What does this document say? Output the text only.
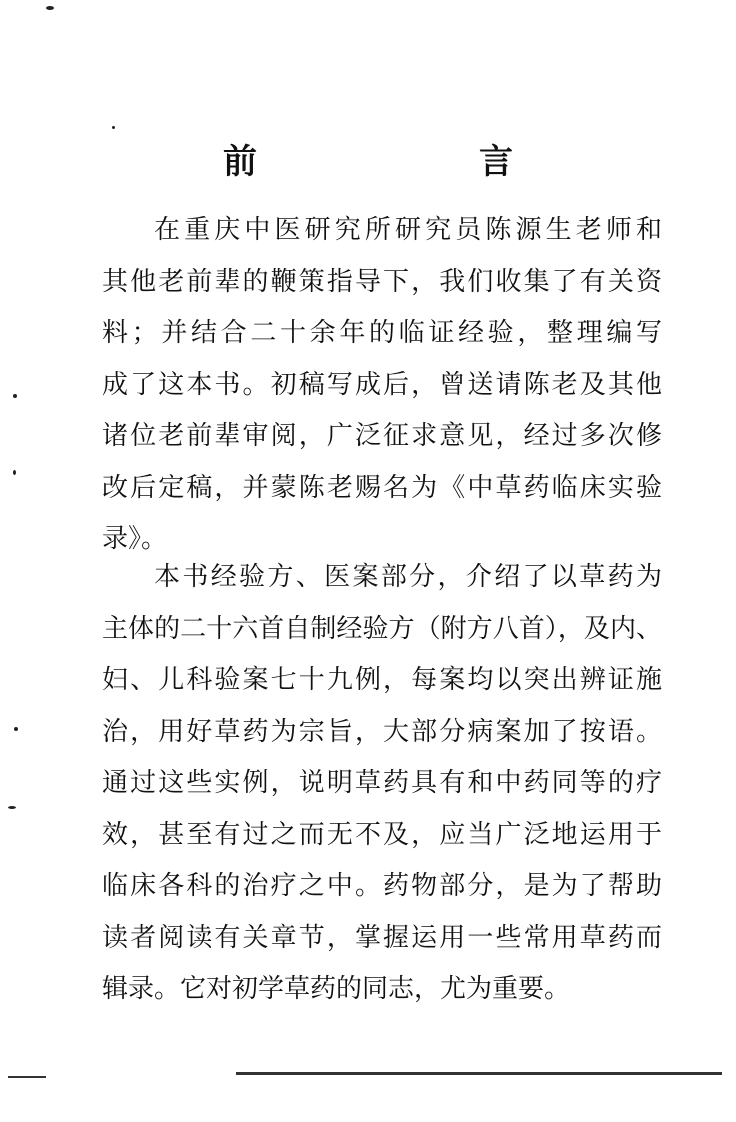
前　言
在重庆中医研究所研究员陈源生老师和
其他老前辈的鞭策指导下，我们收集了有关资
料；并结合二十余年的临证经验，整理编写
成了这本书。初稿写成后，曾送请陈老及其他
诸位老前辈审阅，广泛征求意见，经过多次修
改后定稿，并蒙陈老赐名为《中草药临床实验
录》。
本书经验方、医案部分，介绍了以草药为
主体的二十六首自制经验方（附方八首），及内、
妇、儿科验案七十九例，每案均以突出辨证施
治，用好草药为宗旨，大部分病案加了按语。
通过这些实例，说明草药具有和中药同等的疗
效，甚至有过之而无不及，应当广泛地运用于
临床各科的治疗之中。药物部分，是为了帮助
读者阅读有关章节，掌握运用一些常用草药而
辑录。它对初学草药的同志，尤为重要。
